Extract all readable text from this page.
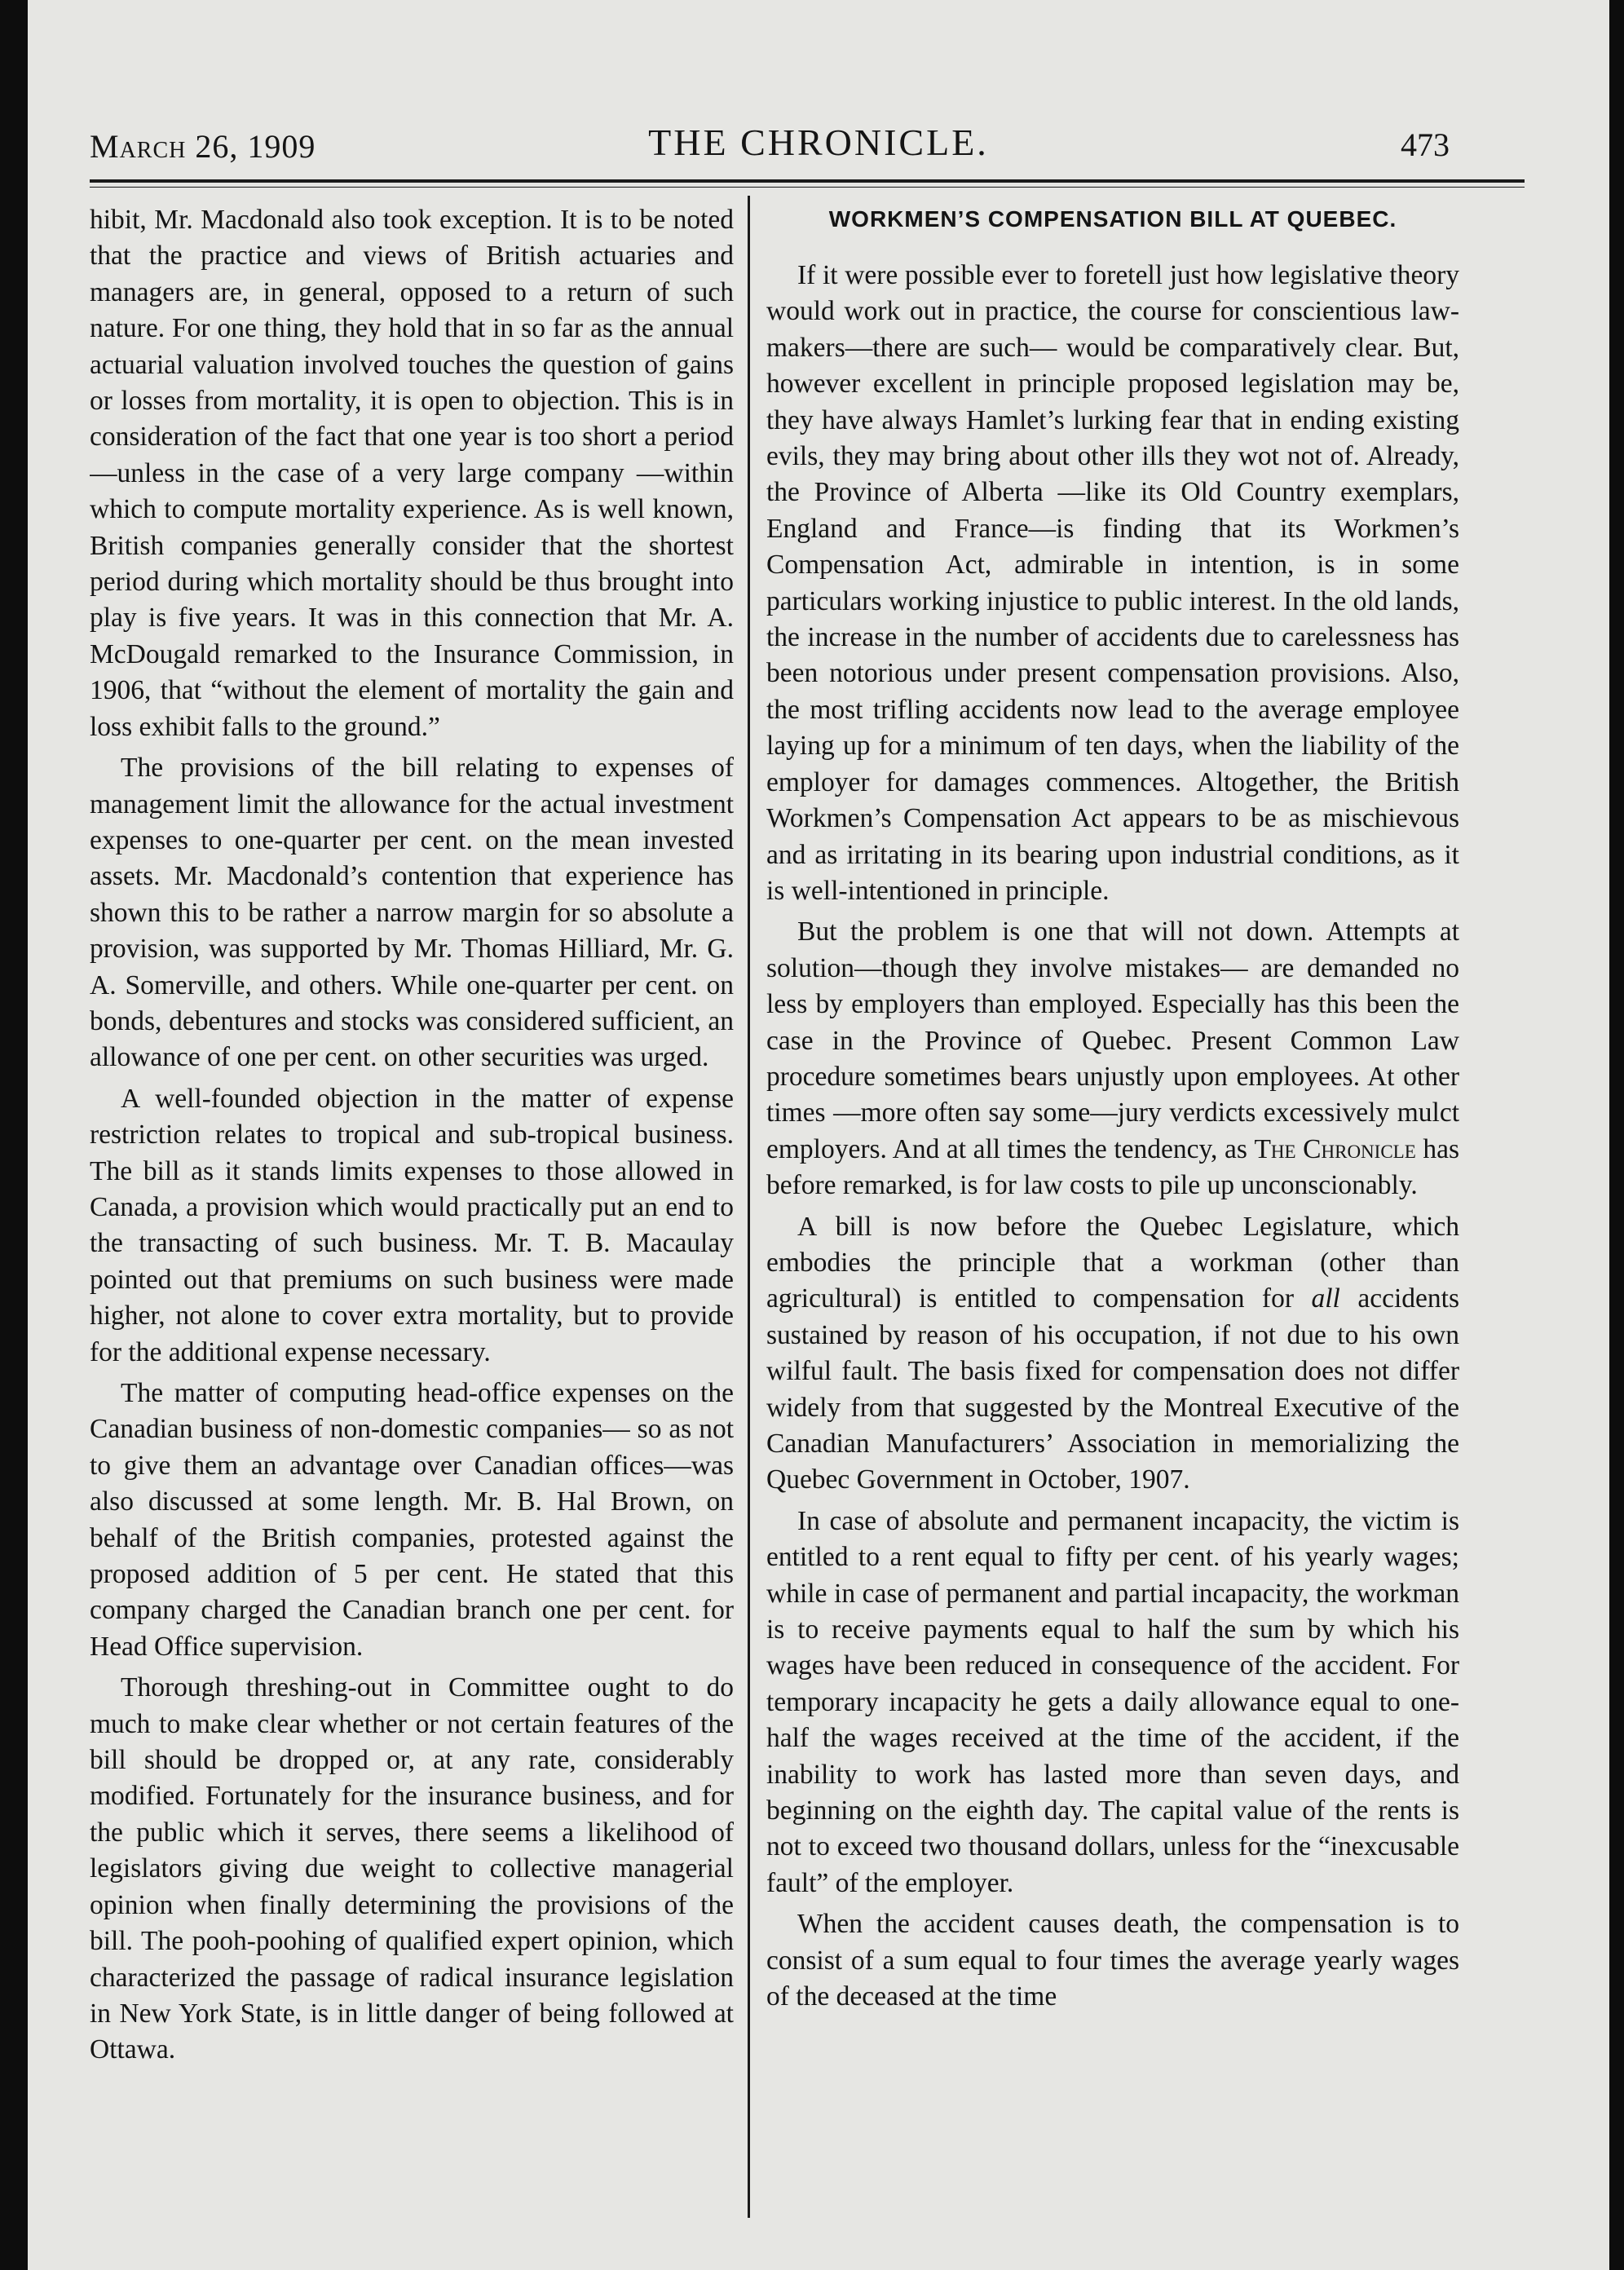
March 26, 1909	THE CHRONICLE.	473

hibit, Mr. Macdonald also took exception. It is to be noted that the practice and views of British actuaries and managers are, in general, opposed to a return of such nature. For one thing, they hold that in so far as the annual actuarial valuation involved touches the question of gains or losses from mortality, it is open to objection. This is in consideration of the fact that one year is too short a period—unless in the case of a very large company —within which to compute mortality experience. As is well known, British companies generally consider that the shortest period during which mortality should be thus brought into play is five years. It was in this connection that Mr. A. McDougald remarked to the Insurance Commission, in 1906, that “without the element of mortality the gain and loss exhibit falls to the ground.”

The provisions of the bill relating to expenses of management limit the allowance for the actual investment expenses to one-quarter per cent. on the mean invested assets. Mr. Macdonald’s contention that experience has shown this to be rather a narrow margin for so absolute a provision, was supported by Mr. Thomas Hilliard, Mr. G. A. Somerville, and others. While one-quarter per cent. on bonds, debentures and stocks was considered sufficient, an allowance of one per cent. on other securities was urged.

A well-founded objection in the matter of expense restriction relates to tropical and sub-tropical business. The bill as it stands limits expenses to those allowed in Canada, a provision which would practically put an end to the transacting of such business. Mr. T. B. Macaulay pointed out that premiums on such business were made higher, not alone to cover extra mortality, but to provide for the additional expense necessary.

The matter of computing head-office expenses on the Canadian business of non-domestic companies— so as not to give them an advantage over Canadian offices—was also discussed at some length. Mr. B. Hal Brown, on behalf of the British companies, protested against the proposed addition of 5 per cent. He stated that this company charged the Canadian branch one per cent. for Head Office supervision.

Thorough threshing-out in Committee ought to do much to make clear whether or not certain features of the bill should be dropped or, at any rate, considerably modified. Fortunately for the insurance business, and for the public which it serves, there seems a likelihood of legislators giving due weight to collective managerial opinion when finally determining the provisions of the bill. The pooh-poohing of qualified expert opinion, which characterized the passage of radical insurance legislation in New York State, is in little danger of being followed at Ottawa.

WORKMEN’S COMPENSATION BILL AT QUEBEC.

If it were possible ever to foretell just how legislative theory would work out in practice, the course for conscientious law-makers—there are such— would be comparatively clear. But, however excellent in principle proposed legislation may be, they have always Hamlet’s lurking fear that in ending existing evils, they may bring about other ills they wot not of. Already, the Province of Alberta —like its Old Country exemplars, England and France—is finding that its Workmen’s Compensation Act, admirable in intention, is in some particulars working injustice to public interest. In the old lands, the increase in the number of accidents due to carelessness has been notorious under present compensation provisions. Also, the most trifling accidents now lead to the average employee laying up for a minimum of ten days, when the liability of the employer for damages commences. Altogether, the British Workmen’s Compensation Act appears to be as mischievous and as irritating in its bearing upon industrial conditions, as it is well-intentioned in principle.

But the problem is one that will not down. Attempts at solution—though they involve mistakes— are demanded no less by employers than employed. Especially has this been the case in the Province of Quebec. Present Common Law procedure sometimes bears unjustly upon employees. At other times —more often say some—jury verdicts excessively mulct employers. And at all times the tendency, as The Chronicle has before remarked, is for law costs to pile up unconscionably.

A bill is now before the Quebec Legislature, which embodies the principle that a workman (other than agricultural) is entitled to compensation for all accidents sustained by reason of his occupation, if not due to his own wilful fault. The basis fixed for compensation does not differ widely from that suggested by the Montreal Executive of the Canadian Manufacturers’ Association in memorializing the Quebec Government in October, 1907.

In case of absolute and permanent incapacity, the victim is entitled to a rent equal to fifty per cent. of his yearly wages; while in case of permanent and partial incapacity, the workman is to receive payments equal to half the sum by which his wages have been reduced in consequence of the accident. For temporary incapacity he gets a daily allowance equal to one-half the wages received at the time of the accident, if the inability to work has lasted more than seven days, and beginning on the eighth day. The capital value of the rents is not to exceed two thousand dollars, unless for the “inexcusable fault” of the employer.

When the accident causes death, the compensation is to consist of a sum equal to four times the average yearly wages of the deceased at the time
